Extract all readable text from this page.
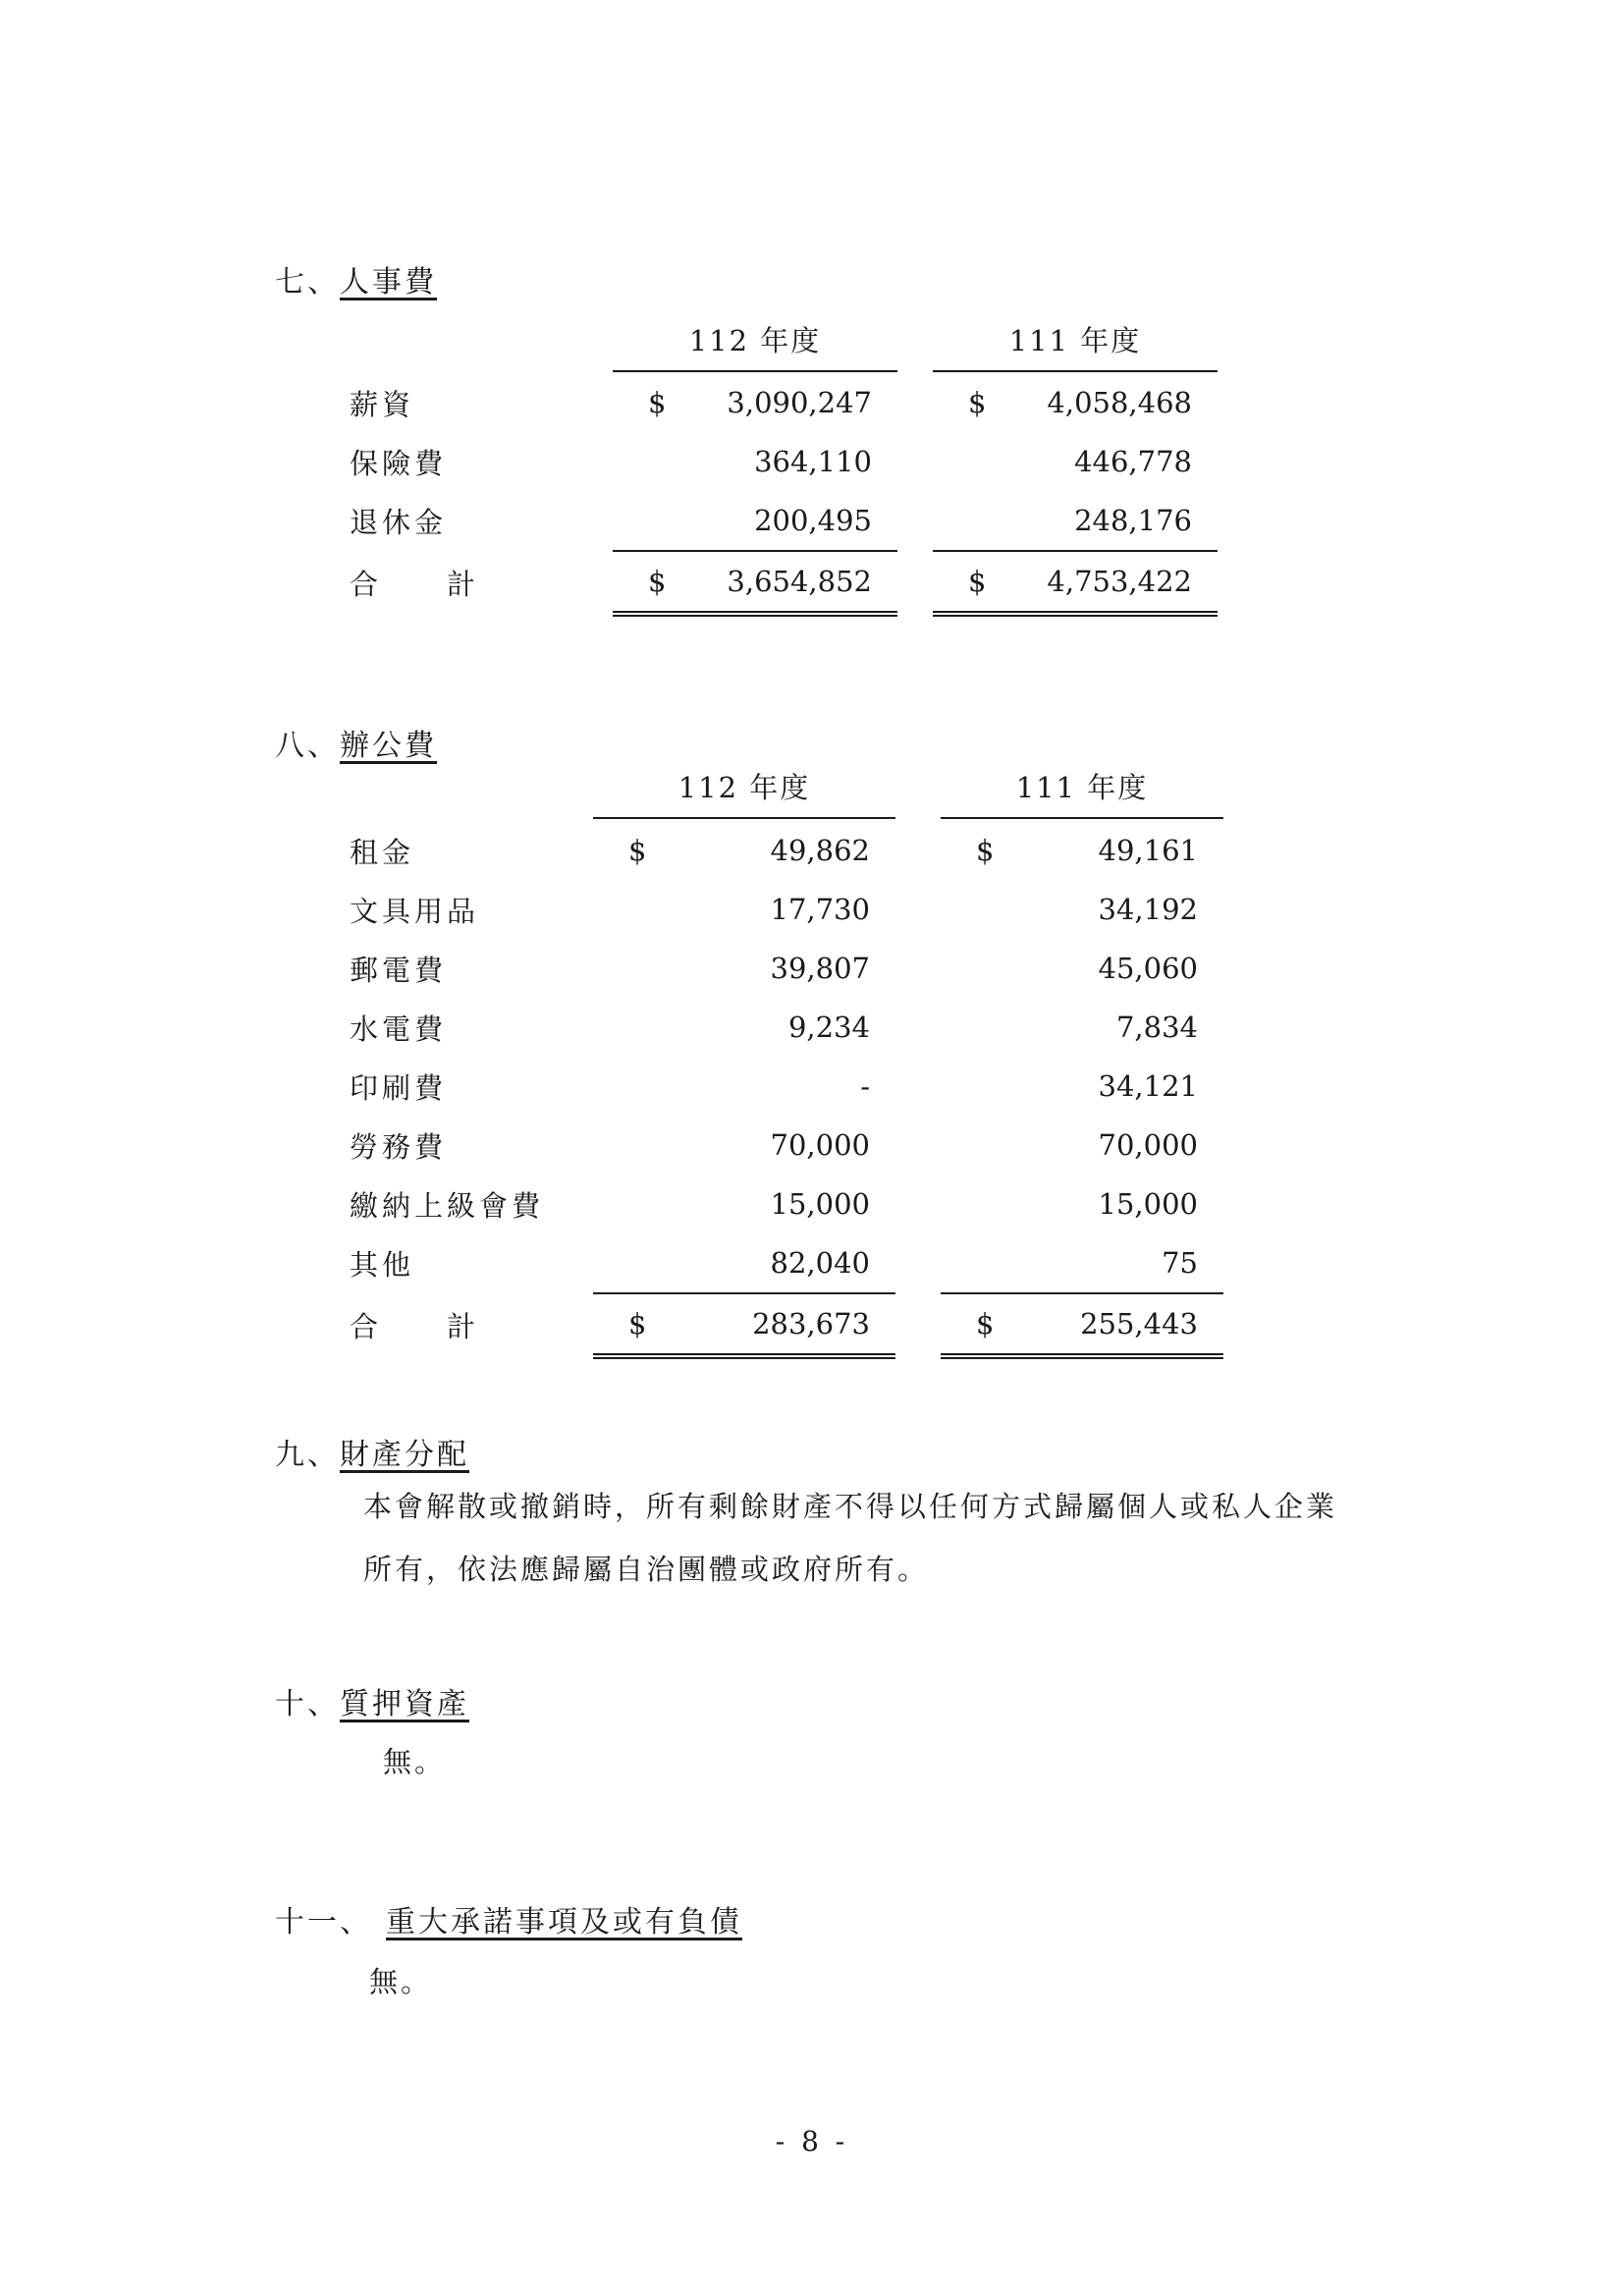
七、人事費
112 年度	111 年度
薪資	$	3,090,247		$	4,058,468
保險費		364,110			446,778
退休金		200,495			248,176
合　　計	$	3,654,852		$	4,753,422
八、辦公費
112 年度	111 年度
租金	$	49,862		$	49,161
文具用品		17,730			34,192
郵電費		39,807			45,060
水電費		9,234			7,834
印刷費		-			34,121
勞務費		70,000			70,000
繳納上級會費		15,000			15,000
其他		82,040			75
合　　計	$	283,673		$	255,443
九、財產分配
本會解散或撤銷時，所有剩餘財產不得以任何方式歸屬個人或私人企業
所有，依法應歸屬自治團體或政府所有。
十、質押資產
無。
十一、 重大承諾事項及或有負債
無。
- 8 -
